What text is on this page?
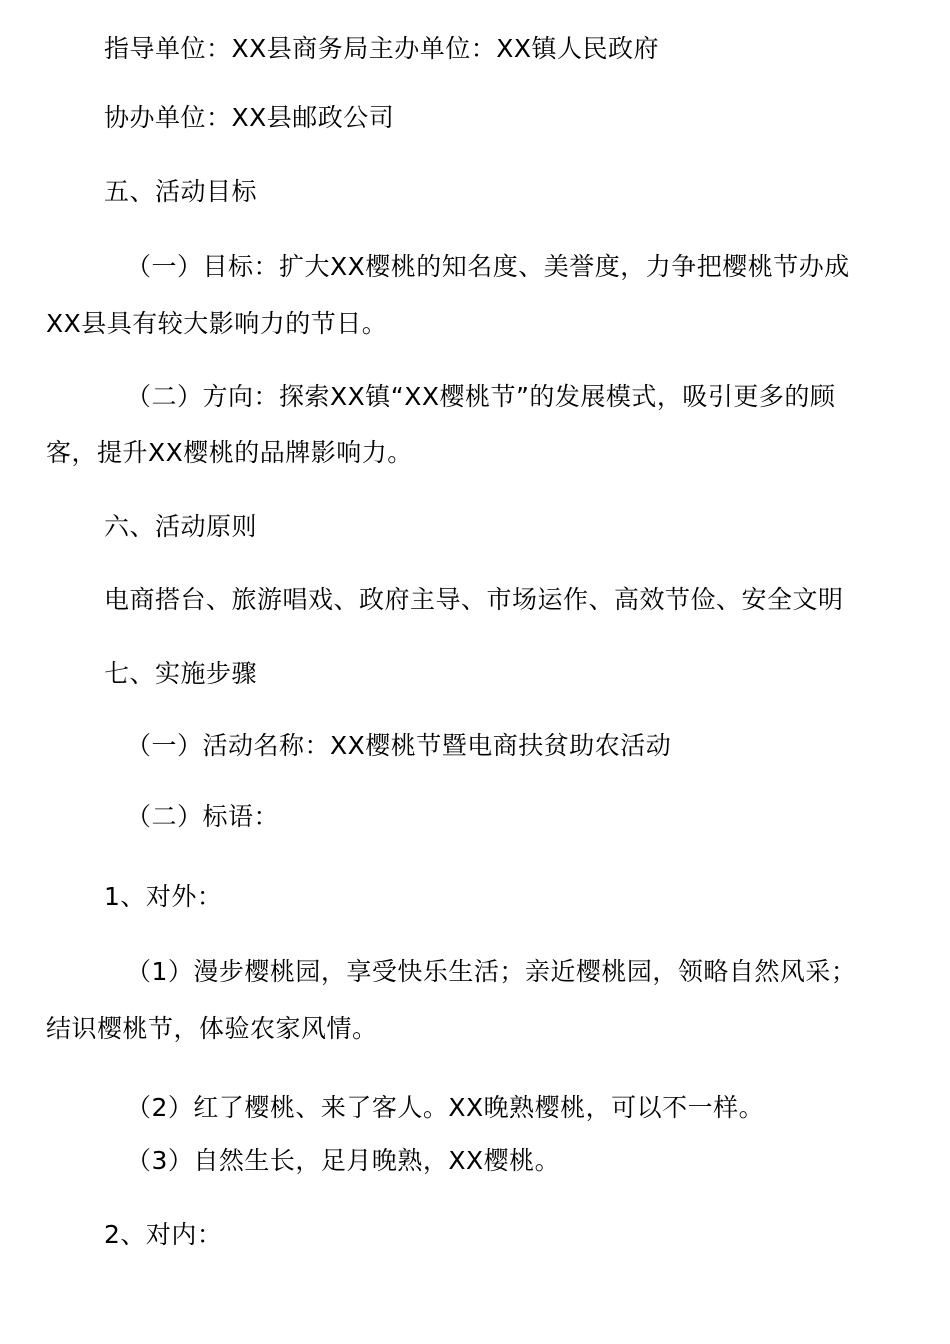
指导单位：XX县商务局主办单位：XX镇人民政府
协办单位：XX县邮政公司
五、活动目标
（一）目标：扩大XX樱桃的知名度、美誉度，力争把樱桃节办成
XX县具有较大影响力的节日。
（二）方向：探索XX镇“XX樱桃节”的发展模式，吸引更多的顾
客，提升XX樱桃的品牌影响力。
六、活动原则
电商搭台、旅游唱戏、政府主导、市场运作、高效节俭、安全文明
七、实施步骤
（一）活动名称：XX樱桃节暨电商扶贫助农活动
（二）标语：
1、对外：
（1）漫步樱桃园，享受快乐生活；亲近樱桃园，领略自然风采；
结识樱桃节，体验农家风情。
（2）红了樱桃、来了客人。XX晚熟樱桃，可以不一样。
（3）自然生长，足月晚熟，XX樱桃。
2、对内：
